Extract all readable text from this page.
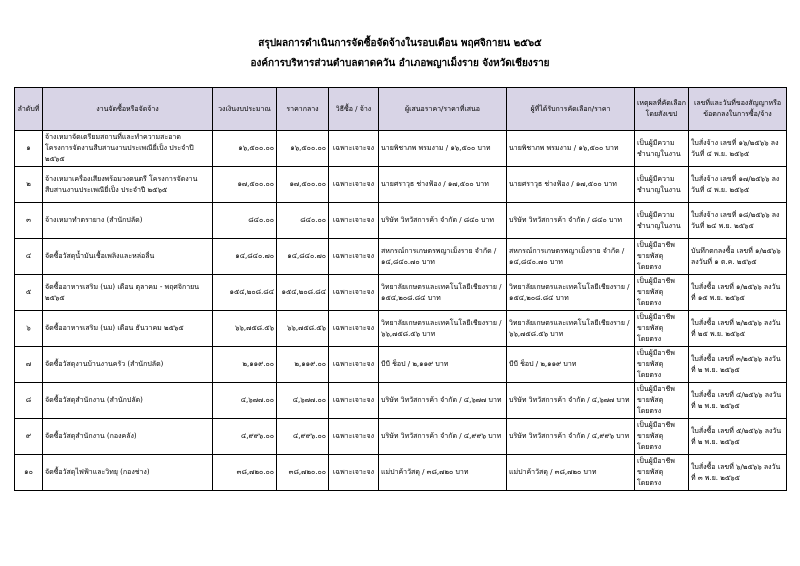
สรุปผลการดำเนินการจัดซื้อจัดจ้างในรอบเดือน พฤศจิกายน ๒๕๖๕
องค์การบริหารส่วนตำบลตาดควัน อำเภอพญาเม็งราย จังหวัดเชียงราย
ลำดับที่	งานจัดซื้อหรือจัดจ้าง	วงเงินงบประมาณ	ราคากลาง	วิธีซื้อ / จ้าง	ผู้เสนอราคา/ราคาที่เสนอ	ผู้ที่ได้รับการคัดเลือก/ราคา	เหตุผลที่คัดเลือกโดยสังเขป	เลขที่และวันที่ของสัญญาหรือข้อตกลงในการซื้อ/จ้าง
๑	จ้างเหมาจัดเตรียมสถานที่และทำความสะอาด โครงการจัดงานสืบสานงานประเพณียี่เป็ง ประจำปี ๒๕๖๕	๑๖,๕๐๐.๐๐	๑๖,๕๐๐.๐๐	เฉพาะเจาะจง	นายพิชาภพ พรมงาม / ๑๖,๕๐๐ บาท	นายพิชาภพ พรมงาม / ๑๖,๕๐๐ บาท	เป็นผู้มีความชำนาญในงาน	ใบสั่งจ้าง เลขที่ ๑๖/๒๕๖๖ ลงวันที่ ๔ พ.ย. ๒๕๖๕
๒	จ้างเหมาเครื่องเสียงพร้อมวงดนตรี โครงการจัดงานสืบสานงานประเพณียี่เป็ง ประจำปี ๒๕๖๕	๑๗,๕๐๐.๐๐	๑๗,๕๐๐.๐๐	เฉพาะเจาะจง	นายศราวุธ ช่างฟ้อง / ๑๗,๕๐๐ บาท	นายศราวุธ ช่างฟ้อง / ๑๗,๕๐๐ บาท	เป็นผู้มีความชำนาญในงาน	ใบสั่งจ้าง เลขที่ ๑๗/๒๕๖๖ ลงวันที่ ๔ พ.ย. ๒๕๖๕
๓	จ้างเหมาทำตรายาง (สำนักปลัด)	๘๔๐.๐๐	๘๔๐.๐๐	เฉพาะเจาะจง	บริษัท วิทวัสการค้า จำกัด / ๘๔๐ บาท	บริษัท วิทวัสการค้า จำกัด / ๘๔๐ บาท	เป็นผู้มีความชำนาญในงาน	ใบสั่งจ้าง เลขที่ ๑๘/๒๕๖๖ ลงวันที่ ๒๔ พ.ย. ๒๕๖๕
๔	จัดซื้อวัสดุน้ำมันเชื้อเพลิงและหล่อลื่น	๑๔,๘๔๐.๗๐	๑๔,๘๔๐.๗๐	เฉพาะเจาะจง	สหกรณ์การเกษตรพญาเม็งราย จำกัด / ๑๔,๘๔๐.๗๐ บาท	สหกรณ์การเกษตรพญาเม็งราย จำกัด / ๑๔,๘๔๐.๗๐ บาท	เป็นผู้มีอาชีพขายพัสดุโดยตรง	บันทึกตกลงซื้อ เลขที่ ๑/๒๕๖๖ ลงวันที่ ๑ ต.ค. ๒๕๖๕
๕	จัดซื้ออาหารเสริม (นม) เดือน ตุลาคม - พฤศจิกายน ๒๕๖๕	๑๕๔,๒๐๘.๘๔	๑๕๔,๒๐๘.๘๔	เฉพาะเจาะจง	วิทยาลัยเกษตรและเทคโนโลยีเชียงราย / ๑๕๔,๒๐๘.๘๔ บาท	วิทยาลัยเกษตรและเทคโนโลยีเชียงราย / ๑๕๔,๒๐๘.๘๔ บาท	เป็นผู้มีอาชีพขายพัสดุโดยตรง	ใบสั่งซื้อ เลขที่ ๑/๒๕๖๖ ลงวันที่ ๑๕ พ.ย. ๒๕๖๕
๖	จัดซื้ออาหารเสริม (นม) เดือน ธันวาคม ๒๕๖๕	๖๖,๗๕๘.๕๖	๖๖,๗๕๘.๕๖	เฉพาะเจาะจง	วิทยาลัยเกษตรและเทคโนโลยีเชียงราย / ๖๖,๗๕๘.๕๖ บาท	วิทยาลัยเกษตรและเทคโนโลยีเชียงราย / ๖๖,๗๕๘.๕๖ บาท	เป็นผู้มีอาชีพขายพัสดุโดยตรง	ใบสั่งซื้อ เลขที่ ๒/๒๕๖๖ ลงวันที่ ๒๕ พ.ย. ๒๕๖๕
๗	จัดซื้อวัสดุงานบ้านงานครัว (สำนักปลัด)	๒,๑๑๙.๐๐	๒,๑๑๙.๐๐	เฉพาะเจาะจง	บีบี ช็อป / ๒,๑๑๙ บาท	บีบี ช็อป / ๒,๑๑๙ บาท	เป็นผู้มีอาชีพขายพัสดุโดยตรง	ใบสั่งซื้อ เลขที่ ๓/๒๕๖๖ ลงวันที่ ๒ พ.ย. ๒๕๖๕
๘	จัดซื้อวัสดุสำนักงาน (สำนักปลัด)	๔,๖๗๗.๐๐	๔,๖๗๗.๐๐	เฉพาะเจาะจง	บริษัท วิทวัสการค้า จำกัด / ๔,๖๗๗ บาท	บริษัท วิทวัสการค้า จำกัด / ๔,๖๗๗ บาท	เป็นผู้มีอาชีพขายพัสดุโดยตรง	ใบสั่งซื้อ เลขที่ ๔/๒๕๖๖ ลงวันที่ ๒ พ.ย. ๒๕๖๕
๙	จัดซื้อวัสดุสำนักงาน (กองคลัง)	๔,๙๙๖.๐๐	๔,๙๙๖.๐๐	เฉพาะเจาะจง	บริษัท วิทวัสการค้า จำกัด / ๔,๙๙๖ บาท	บริษัท วิทวัสการค้า จำกัด / ๔,๙๙๖ บาท	เป็นผู้มีอาชีพขายพัสดุโดยตรง	ใบสั่งซื้อ เลขที่ ๕/๒๕๖๖ ลงวันที่ ๒ พ.ย. ๒๕๖๕
๑๐	จัดซื้อวัสดุไฟฟ้าและวิทยุ (กองช่าง)	๓๘,๗๒๐.๐๐	๓๘,๗๒๐.๐๐	เฉพาะเจาะจง	แม่ปาค้าวัสดุ / ๓๘,๗๒๐ บาท	แม่ปาค้าวัสดุ / ๓๘,๗๒๐ บาท	เป็นผู้มีอาชีพขายพัสดุโดยตรง	ใบสั่งซื้อ เลขที่ ๖/๒๕๖๖ ลงวันที่ ๓ พ.ย. ๒๕๖๕
